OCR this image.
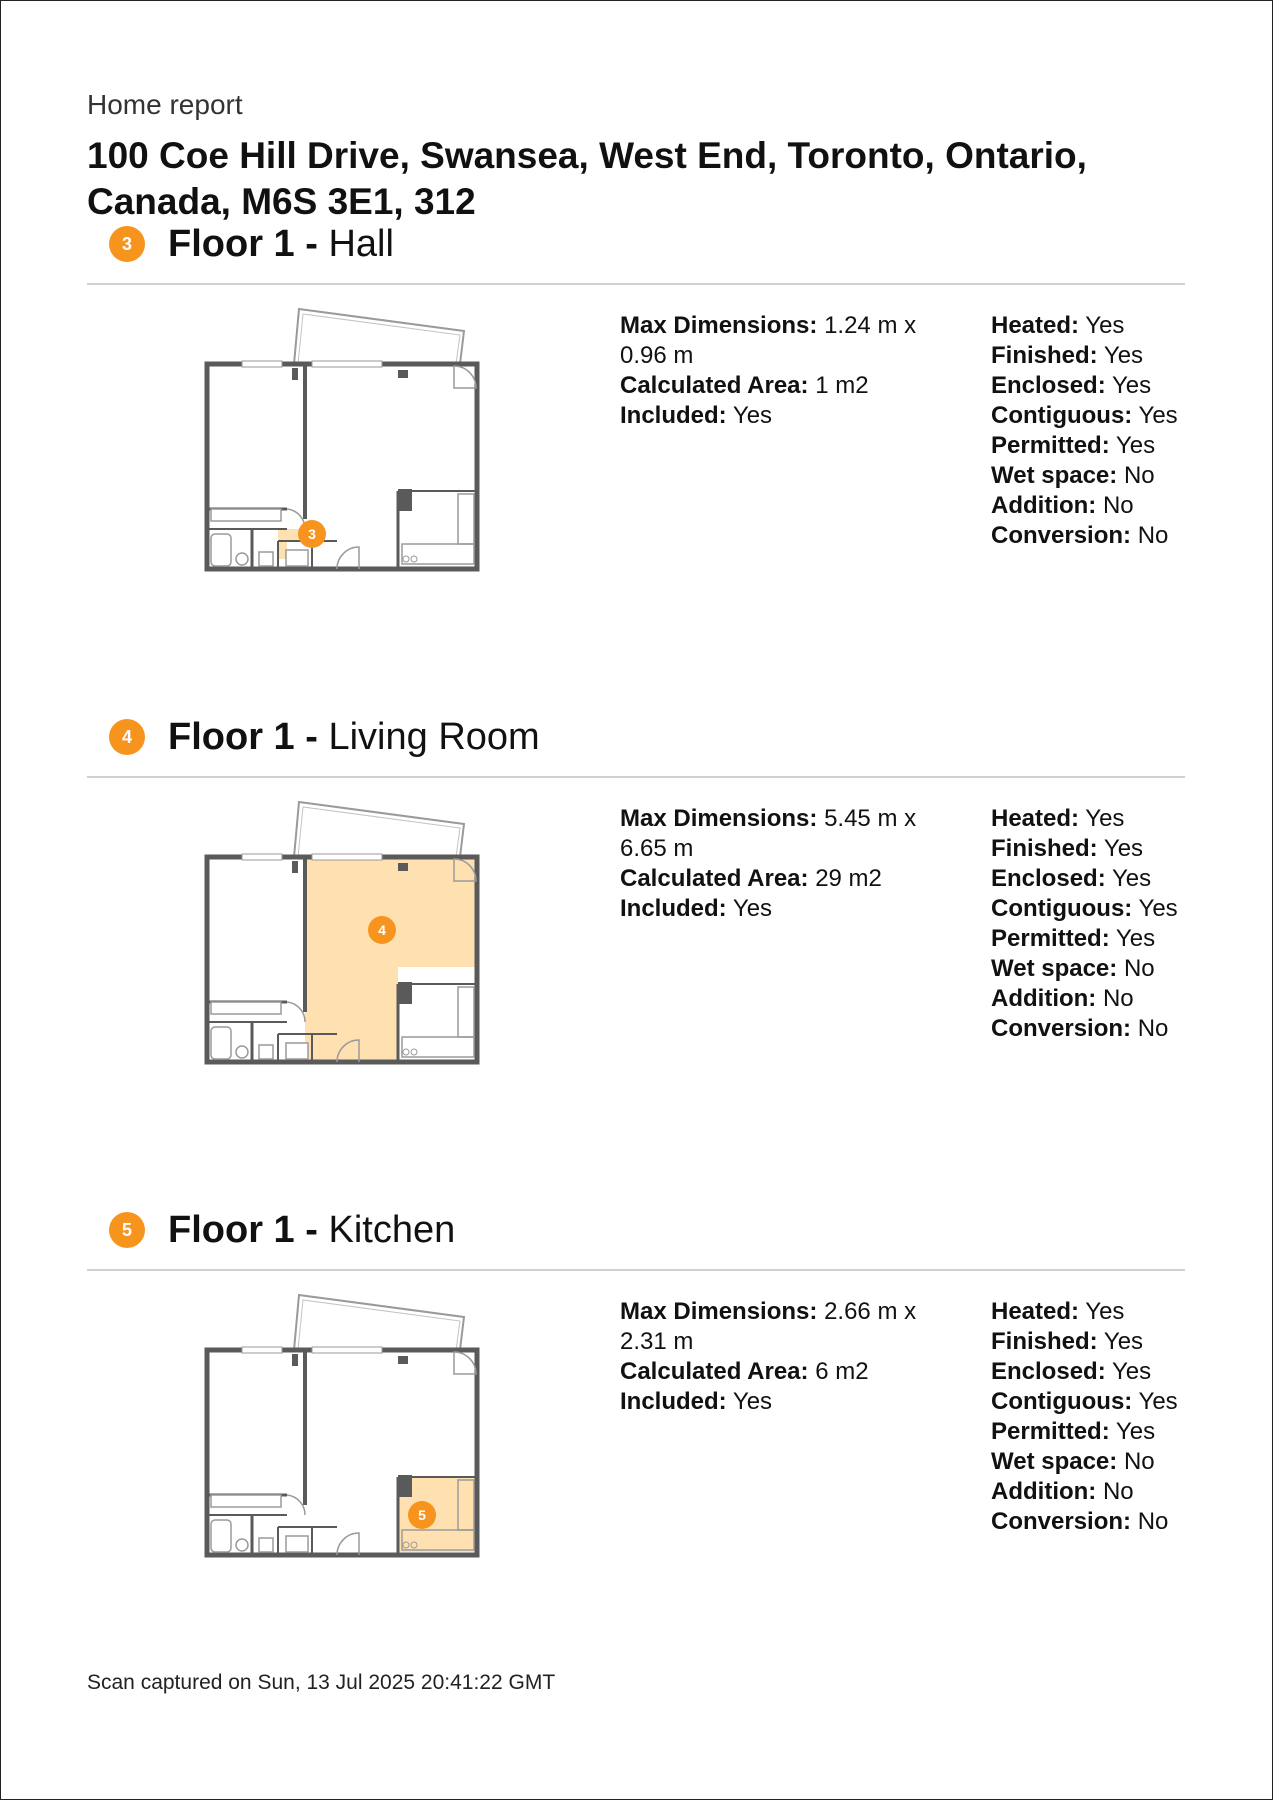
Home report
100 Coe Hill Drive, Swansea, West End, Toronto, Ontario, Canada, M6S 3E1, 312
3 Floor 1 - Hall
3
Max Dimensions: 1.24 m x 0.96 m
Calculated Area: 1 m2
Included: Yes
Heated: Yes
Finished: Yes
Enclosed: Yes
Contiguous: Yes
Permitted: Yes
Wet space: No
Addition: No
Conversion: No
4 Floor 1 - Living Room
4
Max Dimensions: 5.45 m x 6.65 m
Calculated Area: 29 m2
Included: Yes
Heated: Yes
Finished: Yes
Enclosed: Yes
Contiguous: Yes
Permitted: Yes
Wet space: No
Addition: No
Conversion: No
5 Floor 1 - Kitchen
5
Max Dimensions: 2.66 m x 2.31 m
Calculated Area: 6 m2
Included: Yes
Heated: Yes
Finished: Yes
Enclosed: Yes
Contiguous: Yes
Permitted: Yes
Wet space: No
Addition: No
Conversion: No
Scan captured on Sun, 13 Jul 2025 20:41:22 GMT
